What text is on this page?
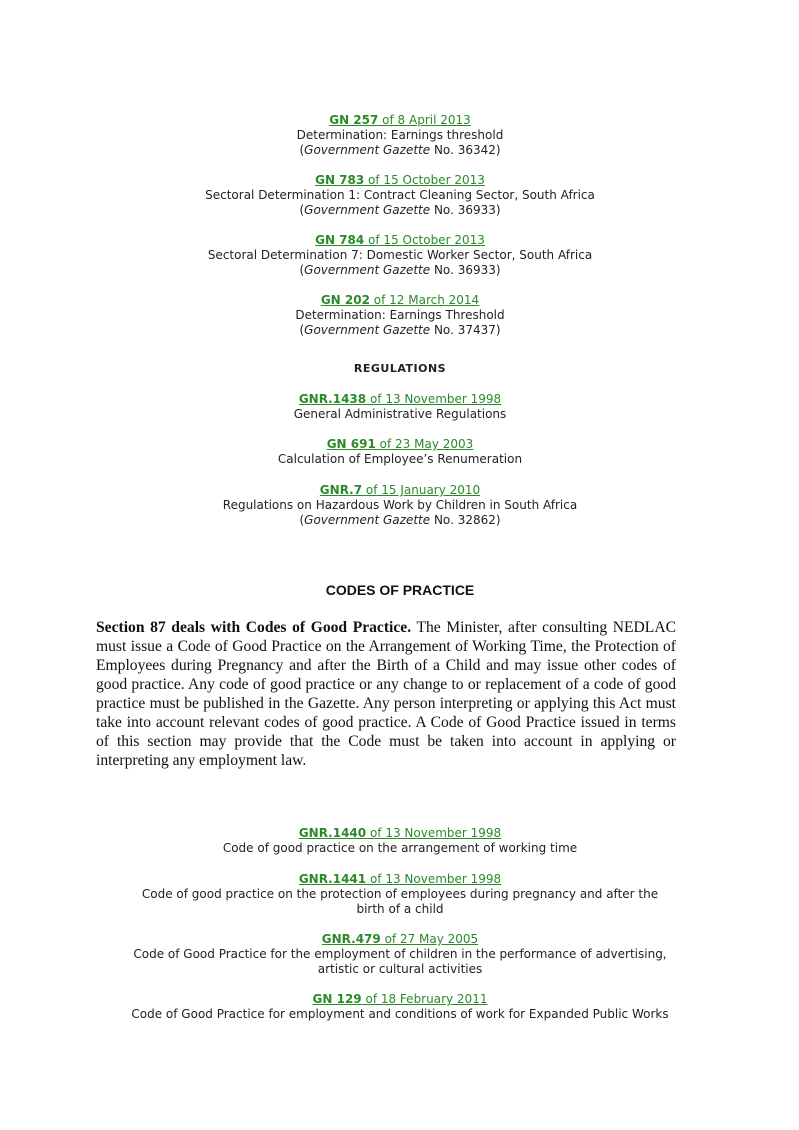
GN 257 of 8 April 2013

Determination: Earnings threshold

(Government Gazette No. 36342)

GN 783 of 15 October 2013

Sectoral Determination 1: Contract Cleaning Sector, South Africa

(Government Gazette No. 36933)

GN 784 of 15 October 2013

Sectoral Determination 7: Domestic Worker Sector, South Africa

(Government Gazette No. 36933)

GN 202 of 12 March 2014

Determination: Earnings Threshold

(Government Gazette No. 37437)

REGULATIONS

GNR.1438 of 13 November 1998

General Administrative Regulations

GN 691 of 23 May 2003

Calculation of Employee’s Renumeration

GNR.7 of 15 January 2010

Regulations on Hazardous Work by Children in South Africa

(Government Gazette No. 32862)

CODES OF PRACTICE

Section 87 deals with Codes of Good Practice. The Minister, after consulting NEDLAC must issue a Code of Good Practice on the Arrangement of Working Time, the Protection of Employees during Pregnancy and after the Birth of a Child and may issue other codes of good practice. Any code of good practice or any change to or replacement of a code of good practice must be published in the Gazette. Any person interpreting or applying this Act must take into account relevant codes of good practice. A Code of Good Practice issued in terms of this section may provide that the Code must be taken into account in applying or interpreting any employment law.

GNR.1440 of 13 November 1998

Code of good practice on the arrangement of working time

GNR.1441 of 13 November 1998

Code of good practice on the protection of employees during pregnancy and after the

birth of a child

GNR.479 of 27 May 2005

Code of Good Practice for the employment of children in the performance of advertising,

artistic or cultural activities

GN 129 of 18 February 2011

Code of Good Practice for employment and conditions of work for Expanded Public Works
